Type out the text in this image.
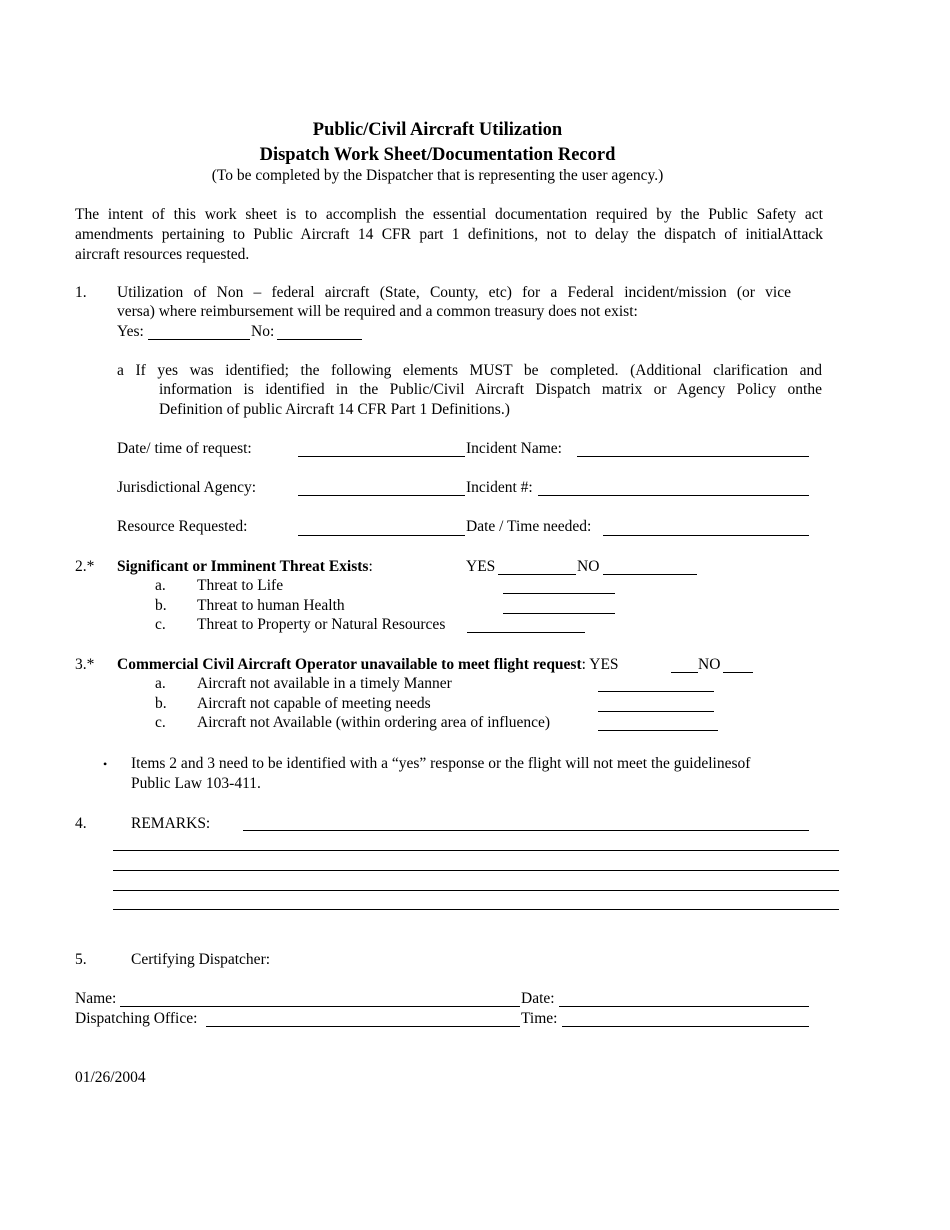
Public/Civil Aircraft Utilization
Dispatch Work Sheet/Documentation Record
(To be completed by the Dispatcher that is representing the user agency.)
The intent of this work sheet is to accomplish the essential documentation required by the Public Safety act
amendments pertaining to Public Aircraft 14 CFR part 1 definitions, not to delay the dispatch of initialAttack
aircraft resources requested.
1. Utilization of Non – federal aircraft (State, County, etc) for a Federal incident/mission (or vice
versa) where reimbursement will be required and a common treasury does not exist:
Yes:	No:
a If yes was identified; the following elements MUST be completed. (Additional clarification and
information is identified in the Public/Civil Aircraft Dispatch matrix or Agency Policy onthe
Definition of public Aircraft 14 CFR Part 1 Definitions.)
Date/ time of request:	Incident Name:
Jurisdictional Agency:	Incident #:
Resource Requested:	Date / Time needed:
2.* Significant or Imminent Threat Exists:	YES	NO
a. Threat to Life
b. Threat to human Health
c. Threat to Property or Natural Resources
3.* Commercial Civil Aircraft Operator unavailable to meet flight request: YES	NO
a. Aircraft not available in a timely Manner
b. Aircraft not capable of meeting needs
c. Aircraft not Available (within ordering area of influence)
• Items 2 and 3 need to be identified with a “yes” response or the flight will not meet the guidelinesof
Public Law 103-411.
4.	REMARKS:
5.	Certifying Dispatcher:
Name:	Date:
Dispatching Office:	Time:
01/26/2004
